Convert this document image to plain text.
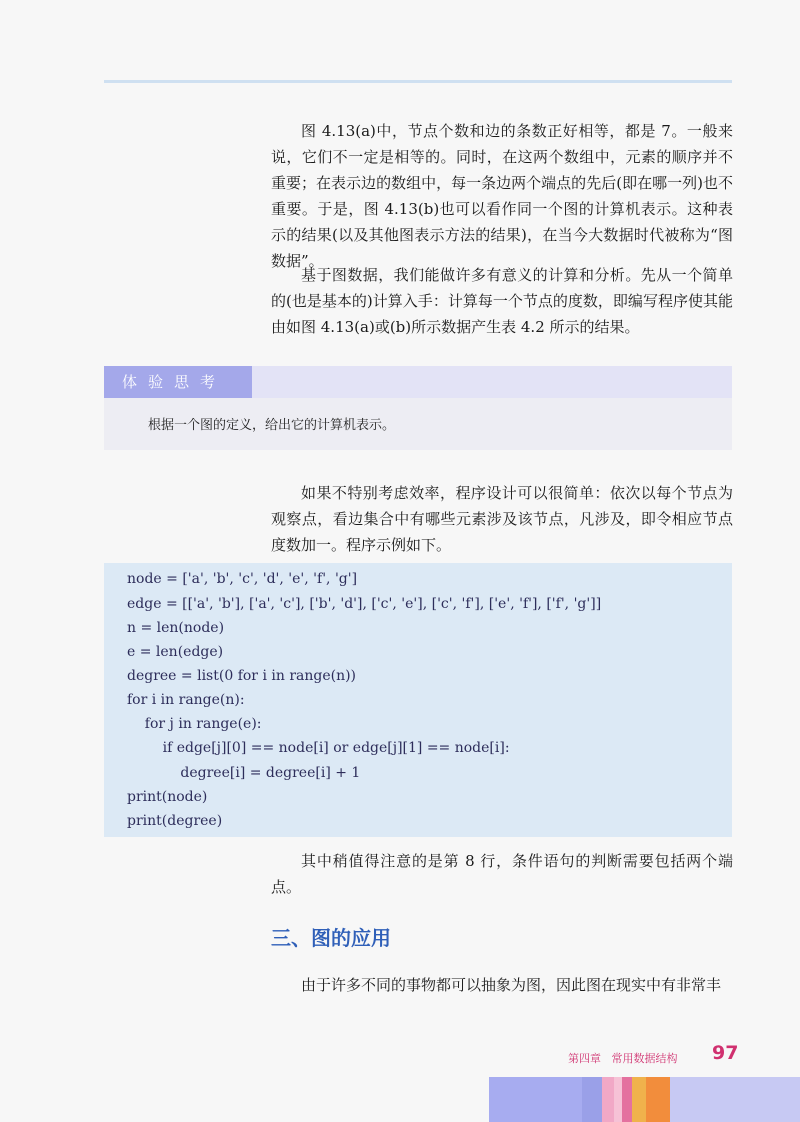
图 4.13(a)中，节点个数和边的条数正好相等，都是 7。一般来说，它们不一定是相等的。同时，在这两个数组中，元素的顺序并不重要；在表示边的数组中，每一条边两个端点的先后(即在哪一列)也不重要。于是，图 4.13(b)也可以看作同一个图的计算机表示。这种表示的结果(以及其他图表示方法的结果)，在当今大数据时代被称为“图数据”。

基于图数据，我们能做许多有意义的计算和分析。先从一个简单的(也是基本的)计算入手：计算每一个节点的度数，即编写程序使其能由如图 4.13(a)或(b)所示数据产生表 4.2 所示的结果。

体验思考
根据一个图的定义，给出它的计算机表示。

如果不特别考虑效率，程序设计可以很简单：依次以每个节点为观察点，看边集合中有哪些元素涉及该节点，凡涉及，即令相应节点度数加一。程序示例如下。

node = ['a', 'b', 'c', 'd', 'e', 'f', 'g']
edge = [['a', 'b'], ['a', 'c'], ['b', 'd'], ['c', 'e'], ['c', 'f'], ['e', 'f'], ['f', 'g']]
n = len(node)
e = len(edge)
degree = list(0 for i in range(n))
for i in range(n):
for j in range(e):
if edge[j][0] == node[i] or edge[j][1] == node[i]:
degree[i] = degree[i] + 1
print(node)
print(degree)

其中稍值得注意的是第 8 行，条件语句的判断需要包括两个端点。

三、图的应用

由于许多不同的事物都可以抽象为图，因此图在现实中有非常丰

第四章   常用数据结构 97
